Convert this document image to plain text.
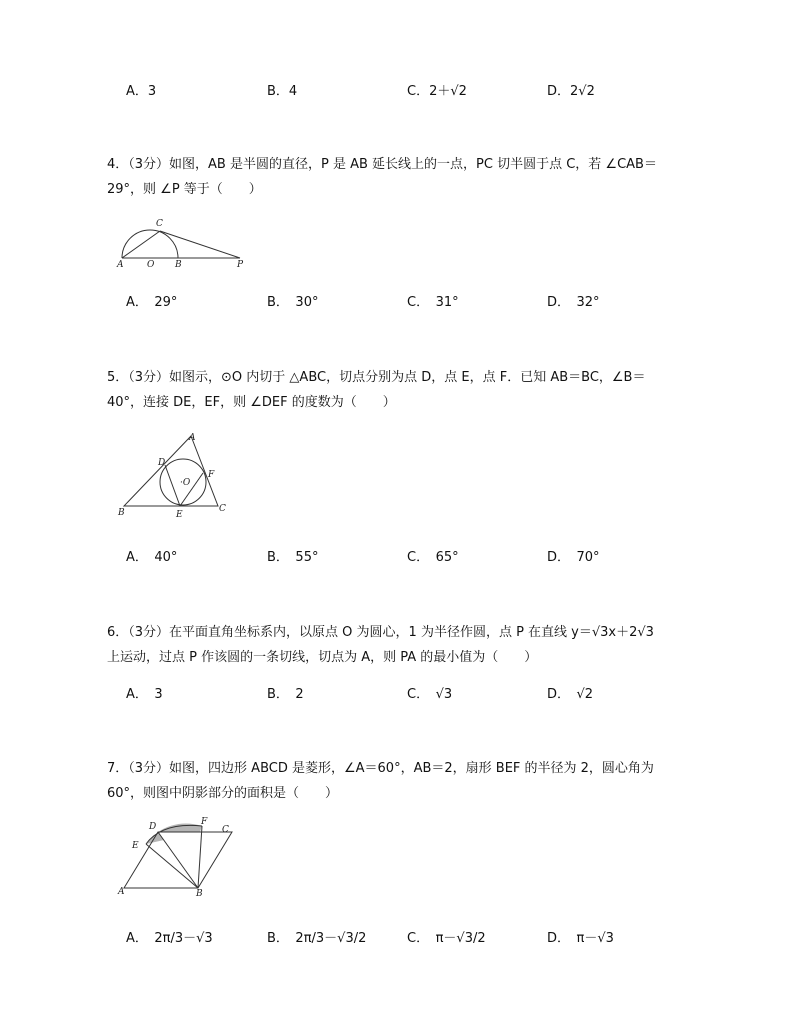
A．3	B．4	C．2＋√2	D．2√2
4．（3分）如图，AB 是半圆的直径，P 是 AB 延长线上的一点，PC 切半圆于点 C，若 ∠CAB＝
29°，则 ∠P 等于（　　）
C
A	O B	P
A．　29°	B．　30°	C．　31°	D．　32°
5．（3分）如图示，⊙O 内切于 △ABC，切点分别为点 D，点 E，点 F．已知 AB＝BC，∠B＝
40°，连接 DE，EF，则 ∠DEF 的度数为（　　）
A
D
F
·O
B	E
C
A．　40°	B．　55°	C．　65°	D．　70°
6．（3分）在平面直角坐标系内，以原点 O 为圆心，1 为半径作圆，点 P 在直线 y＝√3x＋2√3
上运动，过点 P 作该圆的一条切线，切点为 A，则 PA 的最小值为（　　）
A．　3	B．　2	C．　√3	D．　√2
7．（3分）如图，四边形 ABCD 是菱形，∠A＝60°，AB＝2，扇形 BEF 的半径为 2，圆心角为
60°，则图中阴影部分的面积是（　　）
D	F
C
E
A	B
A．　2π/3－√3	B．　2π/3－√3/2	C．　π－√3/2	D．　π－√3
